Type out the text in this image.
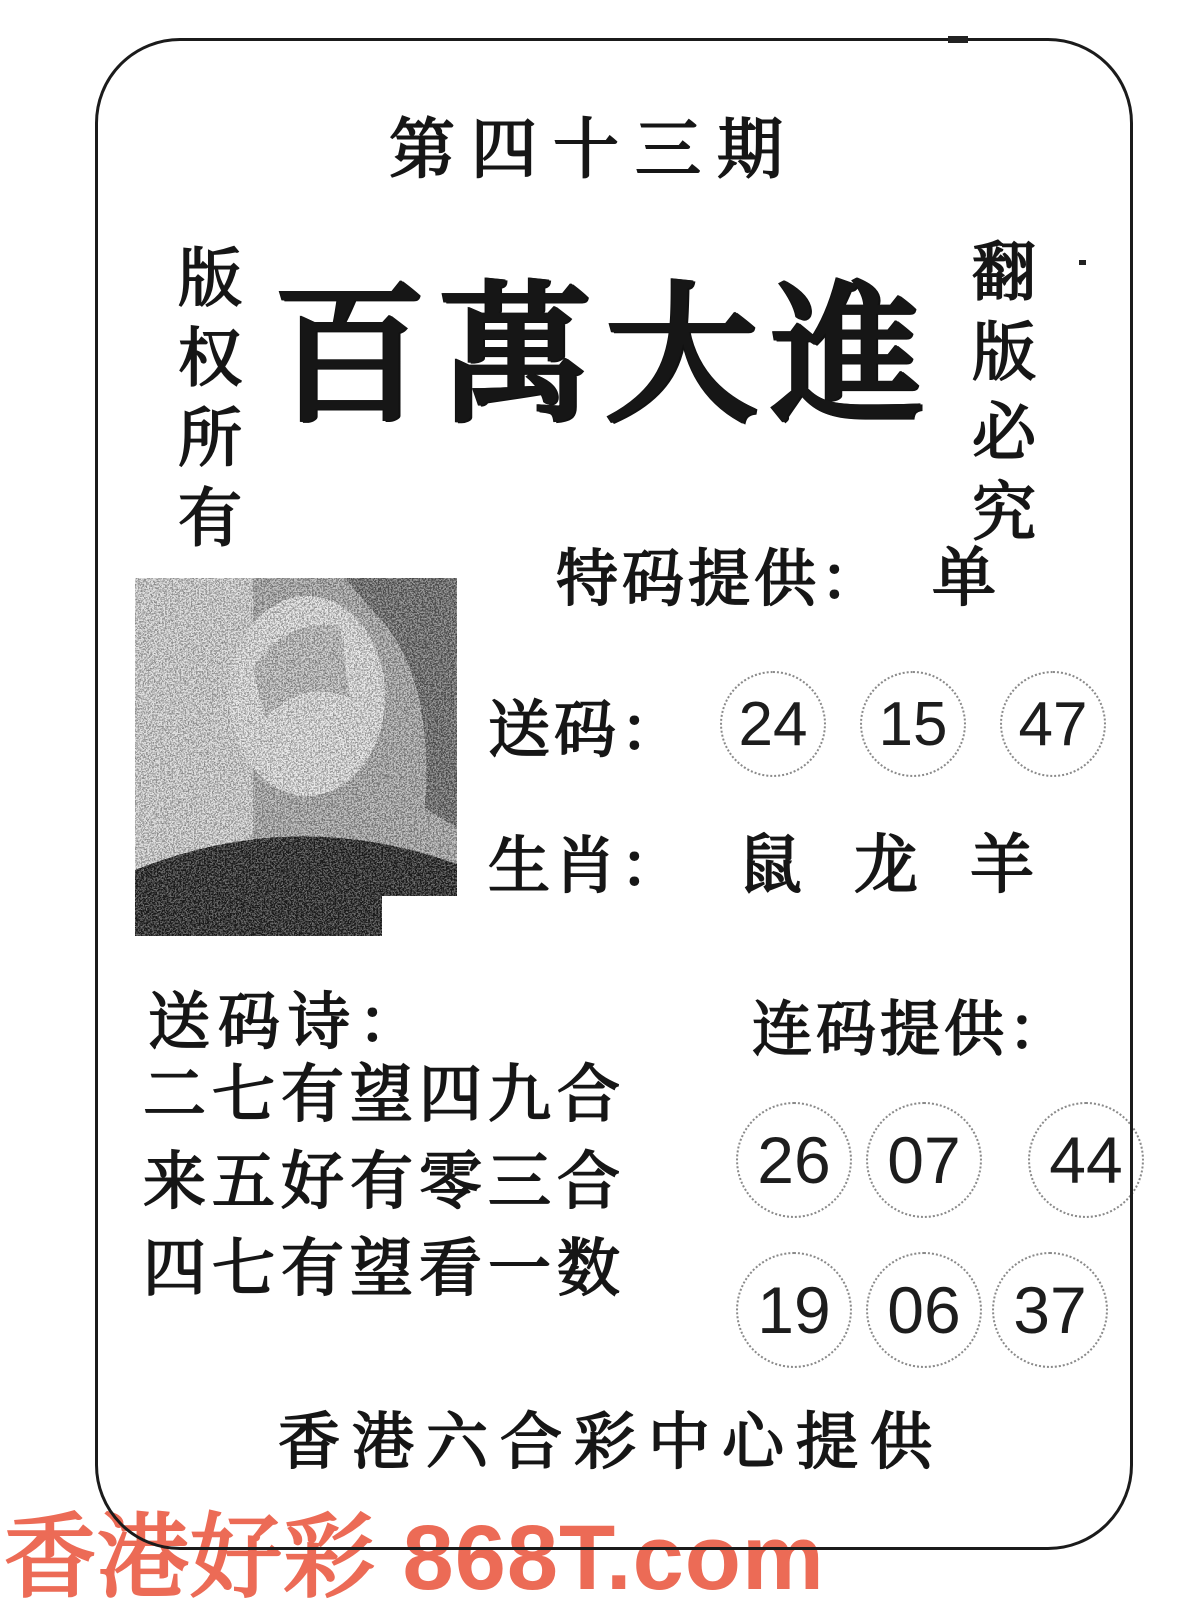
第四十三期
版权所有	翻版必究
百萬大進
特码提供： 单
送码： 24 15 47
生肖： 鼠 龙 羊
送码诗：
二七有望四九合
来五好有零三合
四七有望看一数
连码提供：
26 07 44
19 06 37
香港六合彩中心提供
香港好彩 868T.com
